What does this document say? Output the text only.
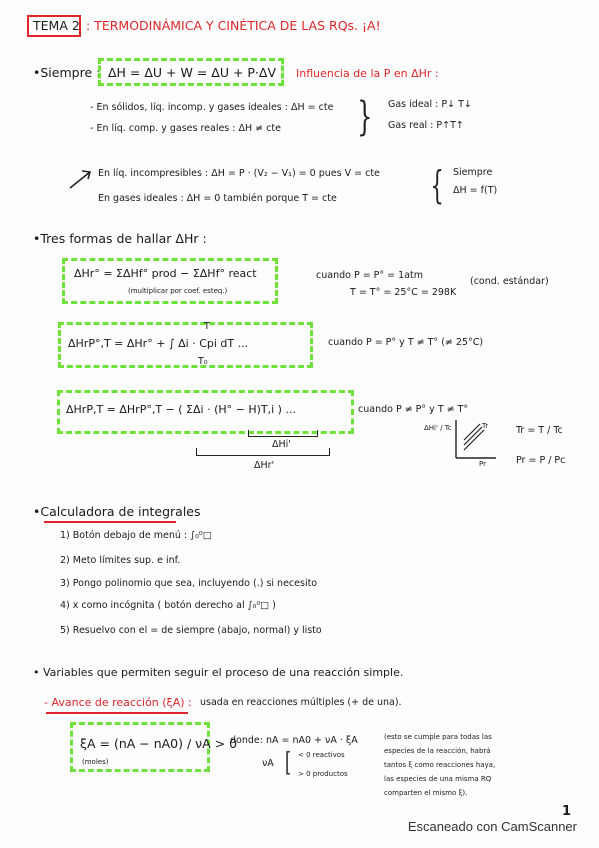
TEMA 2 : TERMODINÁMICA Y CINÉTICA DE LAS RQs. ¡A!
•Siempre : ΔH = ΔU + W = ΔU + P·ΔV Influencia de la P en ΔHr :
- En sólidos, líq. incomp. y gases ideales : ΔH = cte
- En líq. comp. y gases reales : ΔH ≠ cte } Gas ideal : P↓ T↓
Gas real : P↑T↑
En líq. incompresibles : ΔH = P · (V₂ − V₁) = 0 pues V = cte
En gases ideales : ΔH = 0 también porque T = cte { Siempre
ΔH = f(T)
•Tres formas de hallar ΔHr :
ΔHr° = ΣΔHf° prod − ΣΔHf° react
(multiplicar por coef. esteq.)
cuando P = P° = 1atm
T = T° = 25°C = 298K
(cond. estándar)
T
ΔHrP°,T = ΔHr° + ∫ Δi · Cpi dT ...
T₀
cuando P = P° y T ≠ T° (≠ 25°C)
ΔHrP,T = ΔHrP°,T − ( ΣΔi · (H° − H)T,i ) ...	cuando P ≠ P° y T ≠ T°
ΔHi'
ΔHr'
ΔHi' / Tc	Tr
Pr
Tr = T / Tc
Pr = P / Pc
•Calculadora de integrales
1) Botón debajo de menú : ∫₀⁰□
2) Meto límites sup. e inf.
3) Pongo polinomio que sea, incluyendo (.) si necesito
4) x como incógnita ( botón derecho al ∫₀⁰□ )
5) Resuelvo con el = de siempre (abajo, normal) y listo
• Variables que permiten seguir el proceso de una reacción simple.
- Avance de reacción (ξA) : usada en reacciones múltiples (+ de una).
ξA = (nA − nA0) / νA > 0
(moles)
donde: nA = nA0 + νA · ξA
νA [ < 0 reactivos
> 0 productos
(esto se cumple para todas las
especies de la reacción, habrá
tantos ξ como reacciones haya,
las especies de una misma RQ
comparten el mismo ξ).
1
Escaneado con CamScanner
